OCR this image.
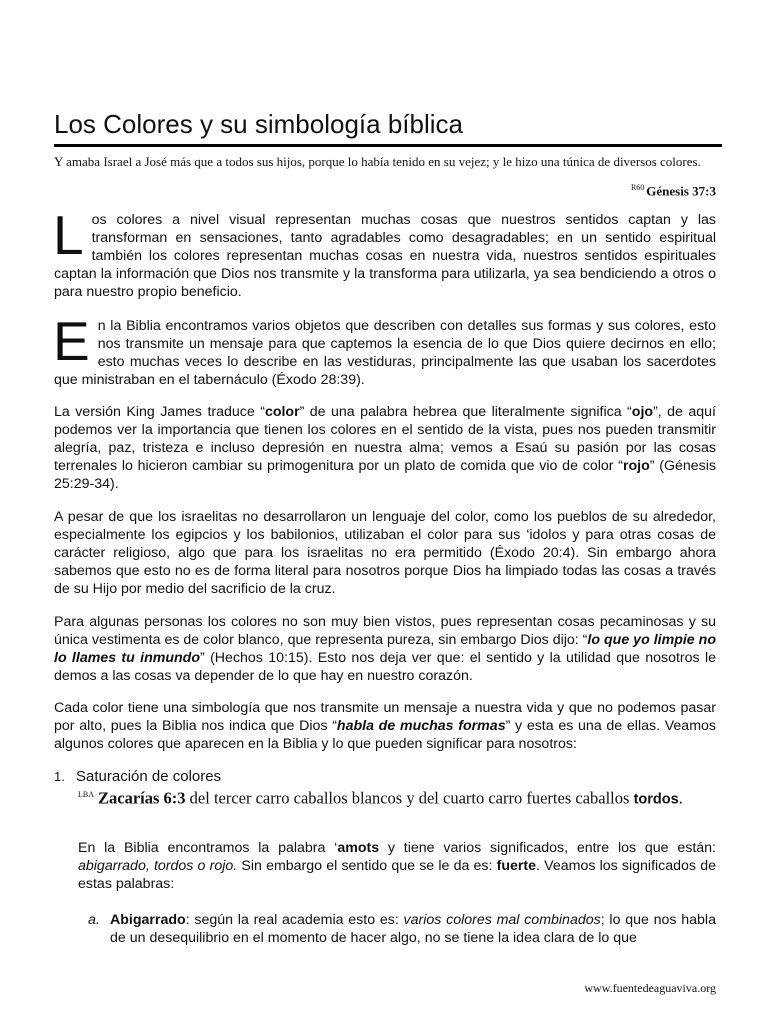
Los Colores y su simbología bíblica
Y amaba Israel a José más que a todos sus hijos, porque lo había tenido en su vejez; y le hizo una túnica de diversos colores.
$^{R60}$ Génesis 37:3
Los colores a nivel visual representan muchas cosas que nuestros sentidos captan y las transforman en sensaciones, tanto agradables como desagradables; en un sentido espiritual también los colores representan muchas cosas en nuestra vida, nuestros sentidos espirituales captan la información que Dios nos transmite y la transforma para utilizarla, ya sea bendiciendo a otros o para nuestro propio beneficio.
En la Biblia encontramos varios objetos que describen con detalles sus formas y sus colores, esto nos transmite un mensaje para que captemos la esencia de lo que Dios quiere decirnos en ello; esto muchas veces lo describe en las vestiduras, principalmente las que usaban los sacerdotes que ministraban en el tabernáculo (Éxodo 28:39).
La versión King James traduce “color” de una palabra hebrea que literalmente significa “ojo”, de aquí podemos ver la importancia que tienen los colores en el sentido de la vista, pues nos pueden transmitir alegría, paz, tristeza e incluso depresión en nuestra alma; vemos a Esaú su pasión por las cosas terrenales lo hicieron cambiar su primogenitura por un plato de comida que vio de color “rojo” (Génesis 25:29-34).
A pesar de que los israelitas no desarrollaron un lenguaje del color, como los pueblos de su alrededor, especialmente los egipcios y los babilonios, utilizaban el color para sus ‘idolos y para otras cosas de carácter religioso, algo que para los israelitas no era permitido (Éxodo 20:4). Sin embargo ahora sabemos que esto no es de forma literal para nosotros porque Dios ha limpiado todas las cosas a través de su Hijo por medio del sacrificio de la cruz.
Para algunas personas los colores no son muy bien vistos, pues representan cosas pecaminosas y su única vestimenta es de color blanco, que representa pureza, sin embargo Dios dijo: “lo que yo limpie no lo llames tu inmundo” (Hechos 10:15). Esto nos deja ver que: el sentido y la utilidad que nosotros le demos a las cosas va depender de lo que hay en nuestro corazón.
Cada color tiene una simbología que nos transmite un mensaje a nuestra vida y que no podemos pasar por alto, pues la Biblia nos indica que Dios “habla de muchas formas” y esta es una de ellas. Veamos algunos colores que aparecen en la Biblia y lo que pueden significar para nosotros:
1. Saturación de colores
$^{LBA}$ Zacarías 6:3 del tercer carro caballos blancos y del cuarto carro fuertes caballos tordos.
En la Biblia encontramos la palabra ‘amots y tiene varios significados, entre los que están: abigarrado, tordos o rojo. Sin embargo el sentido que se le da es: fuerte. Veamos los significados de estas palabras:
a. Abigarrado: según la real academia esto es: varios colores mal combinados; lo que nos habla de un desequilibrio en el momento de hacer algo, no se tiene la idea clara de lo que
www.fuentedeaguaviva.org
